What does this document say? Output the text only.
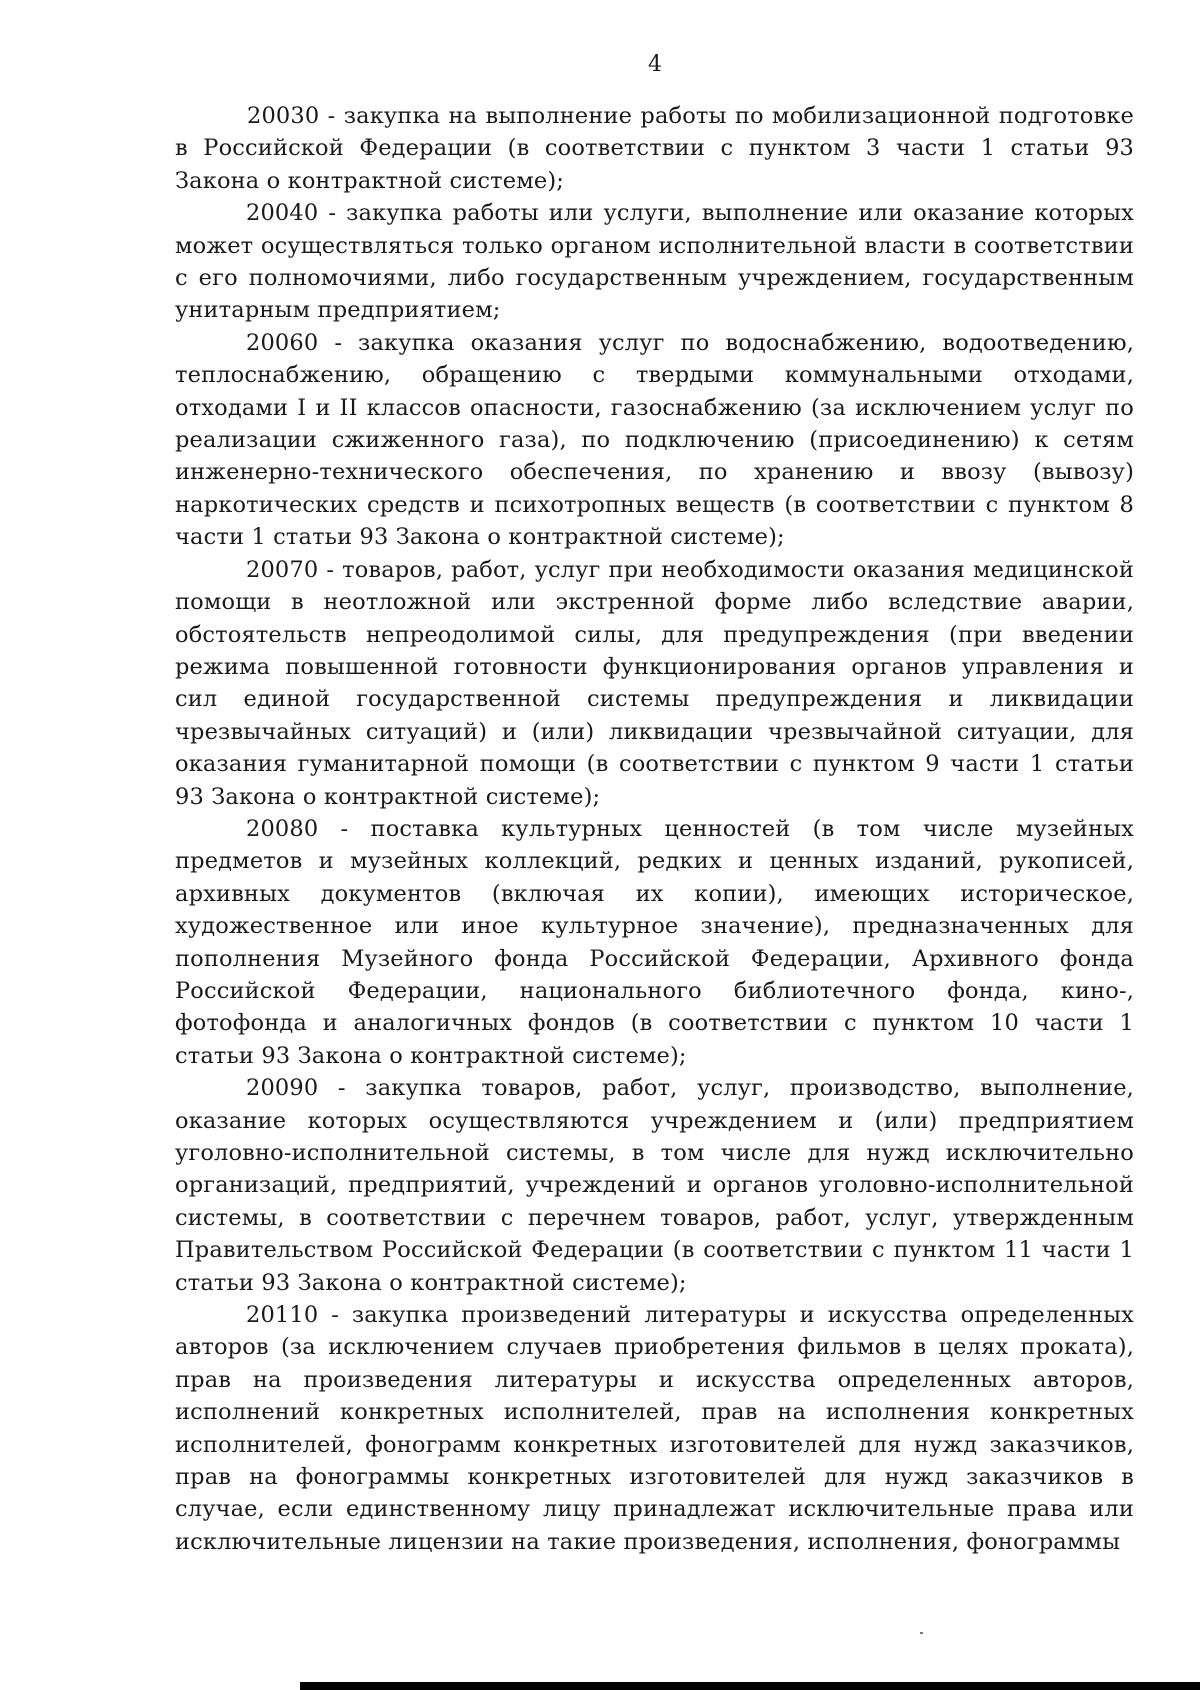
4

20030 - закупка на выполнение работы по мобилизационной подготовке в Российской Федерации (в соответствии с пунктом 3 части 1 статьи 93 Закона о контрактной системе);

20040 - закупка работы или услуги, выполнение или оказание которых может осуществляться только органом исполнительной власти в соответствии с его полномочиями, либо государственным учреждением, государственным унитарным предприятием;

20060 - закупка оказания услуг по водоснабжению, водоотведению, теплоснабжению, обращению с твердыми коммунальными отходами, отходами I и II классов опасности, газоснабжению (за исключением услуг по реализации сжиженного газа), по подключению (присоединению) к сетям инженерно-технического обеспечения, по хранению и ввозу (вывозу) наркотических средств и психотропных веществ (в соответствии с пунктом 8 части 1 статьи 93 Закона о контрактной системе);

20070 - товаров, работ, услуг при необходимости оказания медицинской помощи в неотложной или экстренной форме либо вследствие аварии, обстоятельств непреодолимой силы, для предупреждения (при введении режима повышенной готовности функционирования органов управления и сил единой государственной системы предупреждения и ликвидации чрезвычайных ситуаций) и (или) ликвидации чрезвычайной ситуации, для оказания гуманитарной помощи (в соответствии с пунктом 9 части 1 статьи 93 Закона о контрактной системе);

20080 - поставка культурных ценностей (в том числе музейных предметов и музейных коллекций, редких и ценных изданий, рукописей, архивных документов (включая их копии), имеющих историческое, художественное или иное культурное значение), предназначенных для пополнения Музейного фонда Российской Федерации, Архивного фонда Российской Федерации, национального библиотечного фонда, кино-, фотофонда и аналогичных фондов (в соответствии с пунктом 10 части 1 статьи 93 Закона о контрактной системе);

20090 - закупка товаров, работ, услуг, производство, выполнение, оказание которых осуществляются учреждением и (или) предприятием уголовно-исполнительной системы, в том числе для нужд исключительно организаций, предприятий, учреждений и органов уголовно-исполнительной системы, в соответствии с перечнем товаров, работ, услуг, утвержденным Правительством Российской Федерации (в соответствии с пунктом 11 части 1 статьи 93 Закона о контрактной системе);

20110 - закупка произведений литературы и искусства определенных авторов (за исключением случаев приобретения фильмов в целях проката), прав на произведения литературы и искусства определенных авторов, исполнений конкретных исполнителей, прав на исполнения конкретных исполнителей, фонограмм конкретных изготовителей для нужд заказчиков, прав на фонограммы конкретных изготовителей для нужд заказчиков в случае, если единственному лицу принадлежат исключительные права или исключительные лицензии на такие произведения, исполнения, фонограммы
